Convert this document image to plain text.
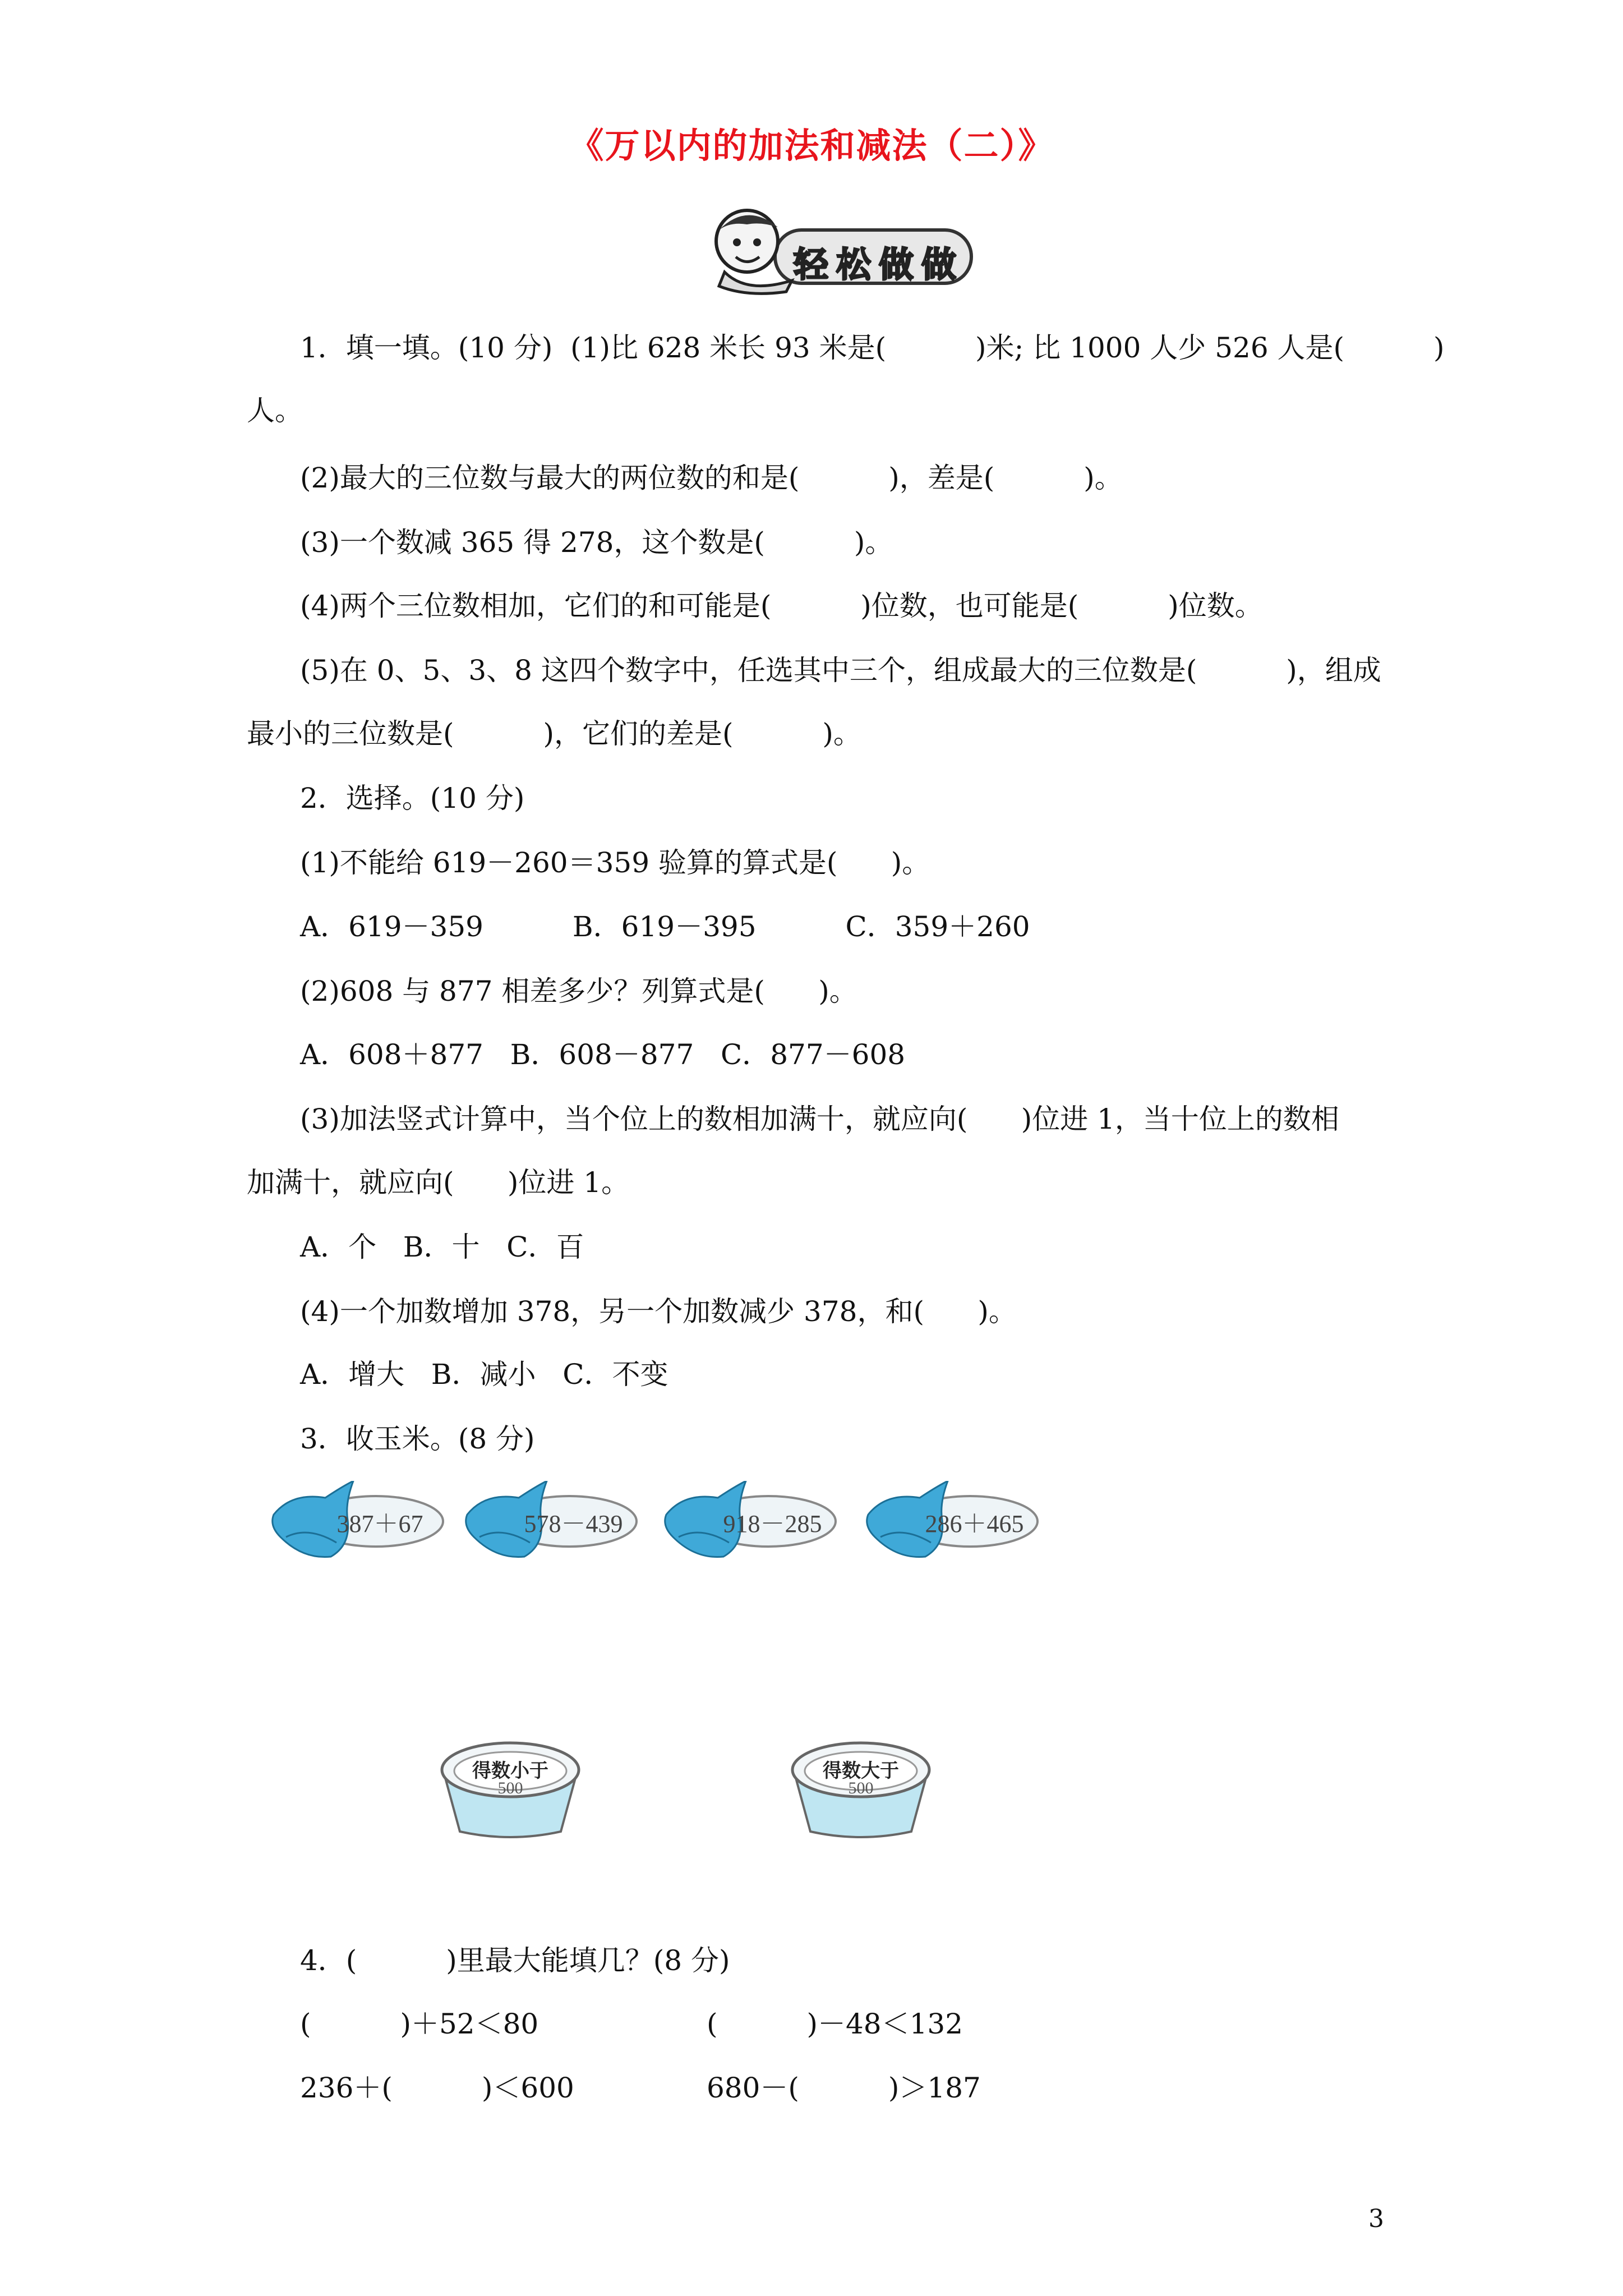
《万以内的加法和减法（二）》
轻松做做
1．填一填。(10 分)  (1)比 628 米长 93 米是(          )米; 比 1000 人少 526 人是(          )
人。
(2)最大的三位数与最大的两位数的和是(          )，差是(          )。
(3)一个数减 365 得 278，这个数是(          )。
(4)两个三位数相加，它们的和可能是(          )位数，也可能是(          )位数。
(5)在 0、5、3、8 这四个数字中，任选其中三个，组成最大的三位数是(          )，组成
最小的三位数是(          )，它们的差是(          )。
2．选择。(10 分)
(1)不能给 619－260＝359 验算的算式是(      )。
A．619－359          B．619－395          C．359＋260
(2)608 与 877 相差多少？列算式是(      )。
A．608＋877   B．608－877   C．877－608
(3)加法竖式计算中，当个位上的数相加满十，就应向(      )位进 1，当十位上的数相
加满十，就应向(      )位进 1。
A．个   B．十   C．百
(4)一个加数增加 378，另一个加数减少 378，和(      )。
A．增大   B．减小   C．不变
3．收玉米。(8 分)
387＋67	578－439	918－285	286＋465
得数小于
500
得数大于
500
4．(          )里最大能填几？(8 分)
(          )＋52＜80	(          )－48＜132
236＋(          )＜600	680－(          )＞187
3
